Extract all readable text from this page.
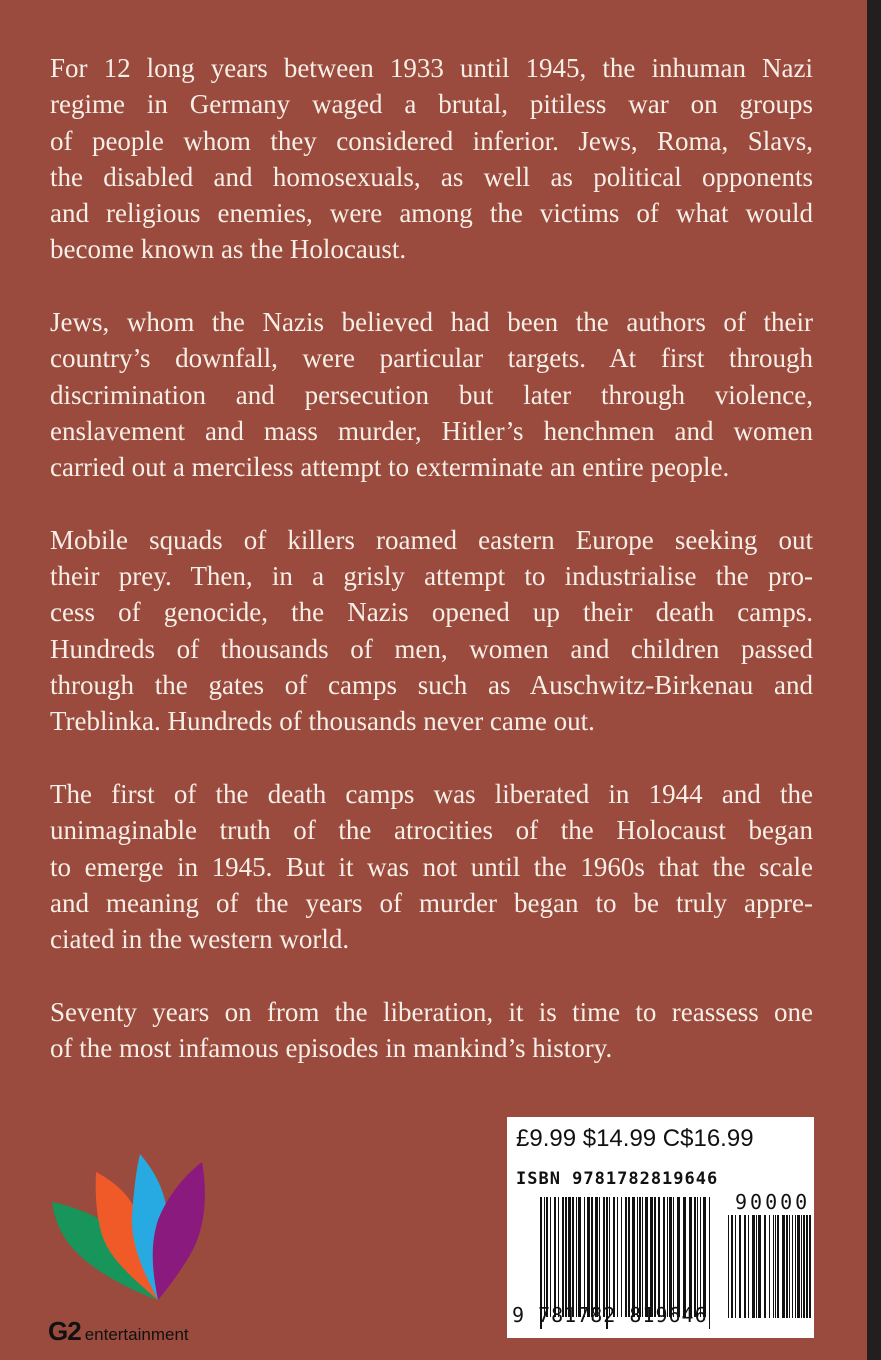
For 12 long years between 1933 until 1945, the inhuman Nazi
regime in Germany waged a brutal, pitiless war on groups
of people whom they considered inferior. Jews, Roma, Slavs,
the disabled and homosexuals, as well as political opponents
and religious enemies, were among the victims of what would
become known as the Holocaust.
Jews, whom the Nazis believed had been the authors of their
country’s downfall, were particular targets. At first through
discrimination and persecution but later through violence,
enslavement and mass murder, Hitler’s henchmen and women
carried out a merciless attempt to exterminate an entire people.
Mobile squads of killers roamed eastern Europe seeking out
their prey. Then, in a grisly attempt to industrialise the pro-
cess of genocide, the Nazis opened up their death camps.
Hundreds of thousands of men, women and children passed
through the gates of camps such as Auschwitz-Birkenau and
Treblinka. Hundreds of thousands never came out.
The first of the death camps was liberated in 1944 and the
unimaginable truth of the atrocities of the Holocaust began
to emerge in 1945. But it was not until the 1960s that the scale
and meaning of the years of murder began to be truly appre-
ciated in the western world.
Seventy years on from the liberation, it is time to reassess one
of the most infamous episodes in mankind’s history.
£9.99 $14.99 C$16.99
ISBN 9781782819646
90000
9 781782 819646
G2 entertainment
